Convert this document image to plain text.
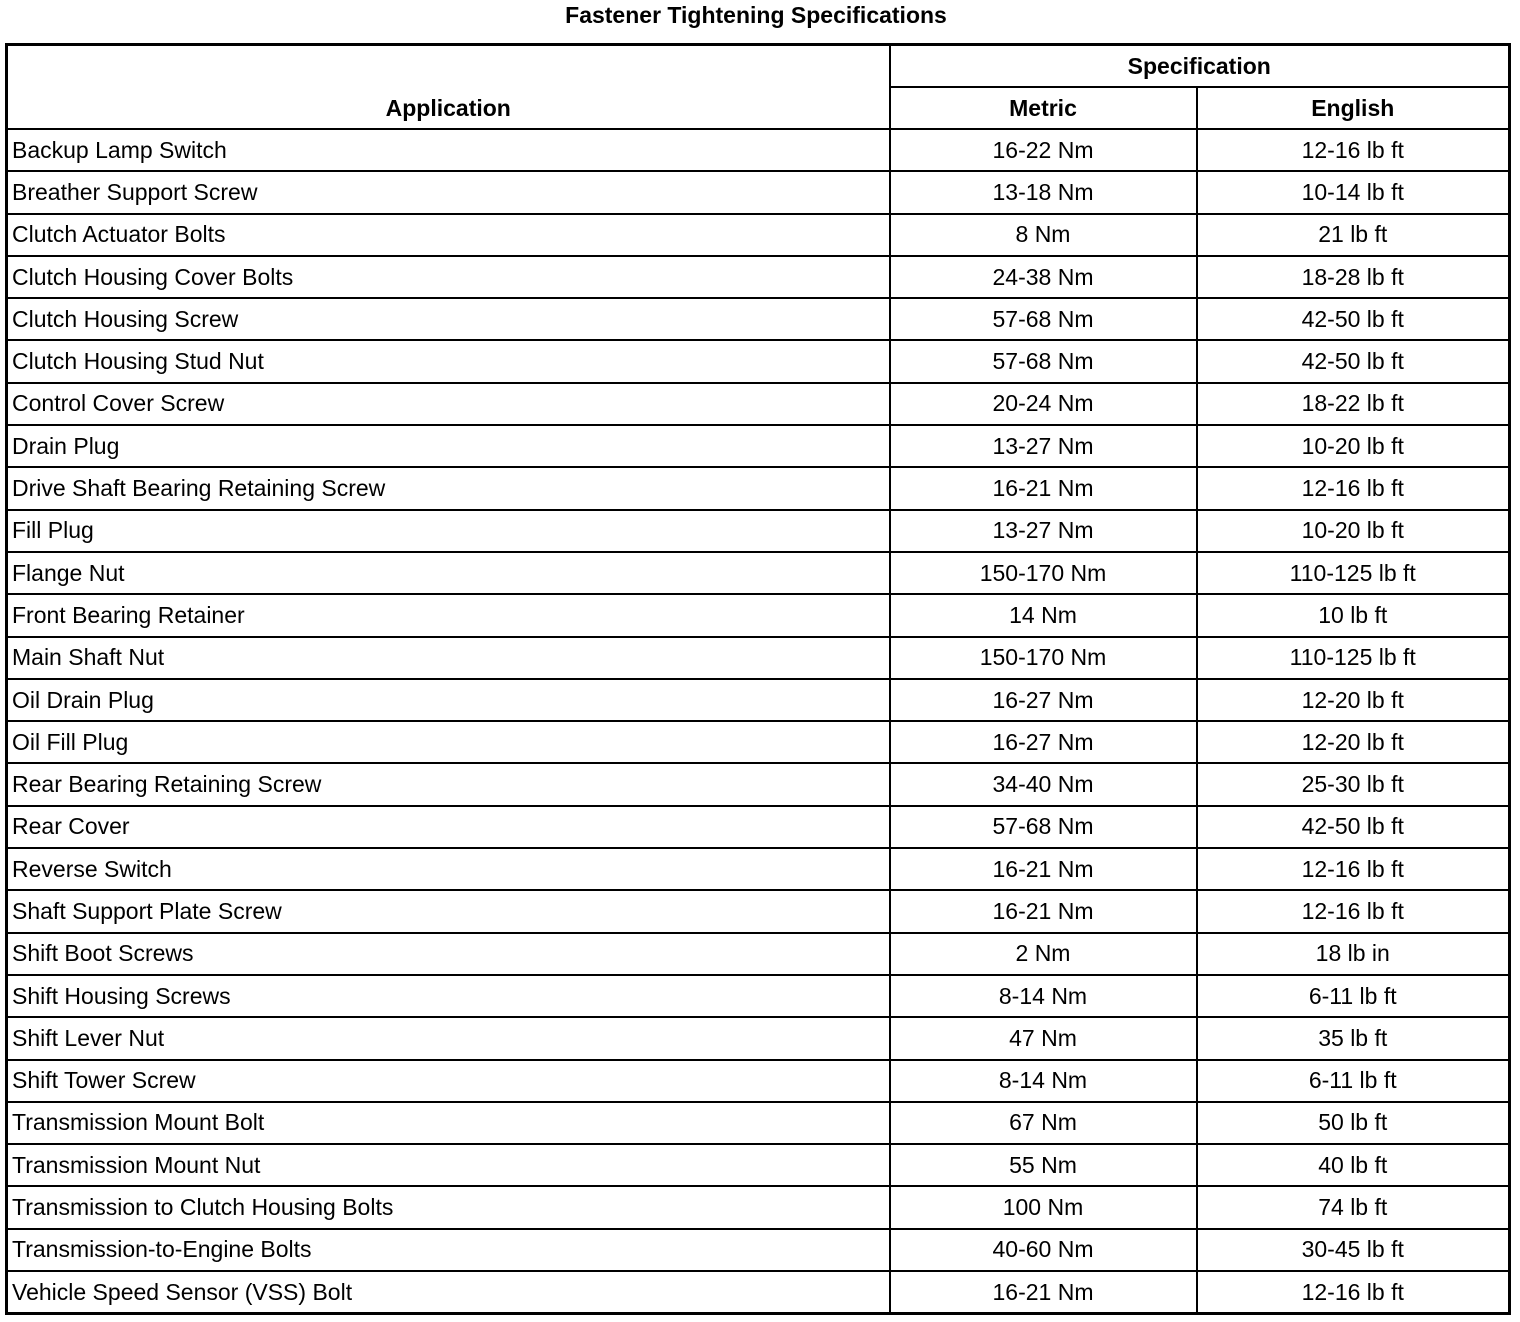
Fastener Tightening Specifications
Application	Specification	
	Metric	English
Backup Lamp Switch	16-22 Nm	12-16 lb ft
Breather Support Screw	13-18 Nm	10-14 lb ft
Clutch Actuator Bolts	8 Nm	21 lb ft
Clutch Housing Cover Bolts	24-38 Nm	18-28 lb ft
Clutch Housing Screw	57-68 Nm	42-50 lb ft
Clutch Housing Stud Nut	57-68 Nm	42-50 lb ft
Control Cover Screw	20-24 Nm	18-22 lb ft
Drain Plug	13-27 Nm	10-20 lb ft
Drive Shaft Bearing Retaining Screw	16-21 Nm	12-16 lb ft
Fill Plug	13-27 Nm	10-20 lb ft
Flange Nut	150-170 Nm	110-125 lb ft
Front Bearing Retainer	14 Nm	10 lb ft
Main Shaft Nut	150-170 Nm	110-125 lb ft
Oil Drain Plug	16-27 Nm	12-20 lb ft
Oil Fill Plug	16-27 Nm	12-20 lb ft
Rear Bearing Retaining Screw	34-40 Nm	25-30 lb ft
Rear Cover	57-68 Nm	42-50 lb ft
Reverse Switch	16-21 Nm	12-16 lb ft
Shaft Support Plate Screw	16-21 Nm	12-16 lb ft
Shift Boot Screws	2 Nm	18 lb in
Shift Housing Screws	8-14 Nm	6-11 lb ft
Shift Lever Nut	47 Nm	35 lb ft
Shift Tower Screw	8-14 Nm	6-11 lb ft
Transmission Mount Bolt	67 Nm	50 lb ft
Transmission Mount Nut	55 Nm	40 lb ft
Transmission to Clutch Housing Bolts	100 Nm	74 lb ft
Transmission-to-Engine Bolts	40-60 Nm	30-45 lb ft
Vehicle Speed Sensor (VSS) Bolt	16-21 Nm	12-16 lb ft
